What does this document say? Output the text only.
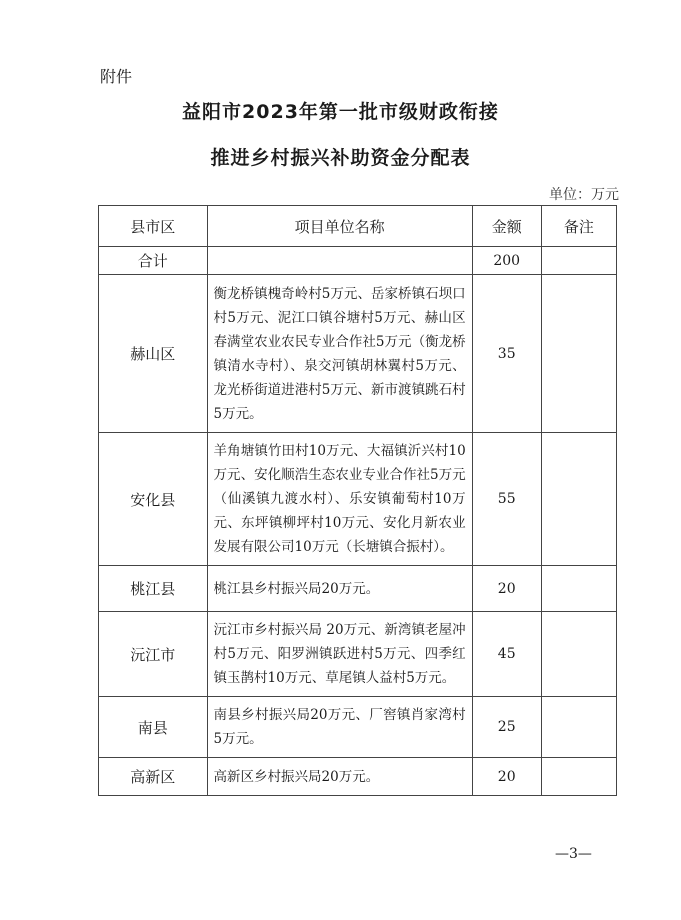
附件
益阳市2023年第一批市级财政衔接
推进乡村振兴补助资金分配表
单位：万元
县市区	项目单位名称	金额	备注
合计		200	
赫山区	衡龙桥镇槐奇岭村5万元、岳家桥镇石坝口村5万元、泥江口镇谷塘村5万元、赫山区春满堂农业农民专业合作社5万元（衡龙桥镇清水寺村）、泉交河镇胡林翼村5万元、龙光桥街道进港村5万元、新市渡镇跳石村5万元。	35	
安化县	羊角塘镇竹田村10万元、大福镇沂兴村10万元、安化顺浩生态农业专业合作社5万元（仙溪镇九渡水村）、乐安镇葡萄村10万元、东坪镇柳坪村10万元、安化月新农业发展有限公司10万元（长塘镇合振村）。	55	
桃江县	桃江县乡村振兴局20万元。	20	
沅江市	沅江市乡村振兴局 20万元、新湾镇老屋冲村5万元、阳罗洲镇跃进村5万元、四季红镇玉鹊村10万元、草尾镇人益村5万元。	45	
南县	南县乡村振兴局20万元、厂窖镇肖家湾村5万元。	25	
高新区	高新区乡村振兴局20万元。	20	
—3—
